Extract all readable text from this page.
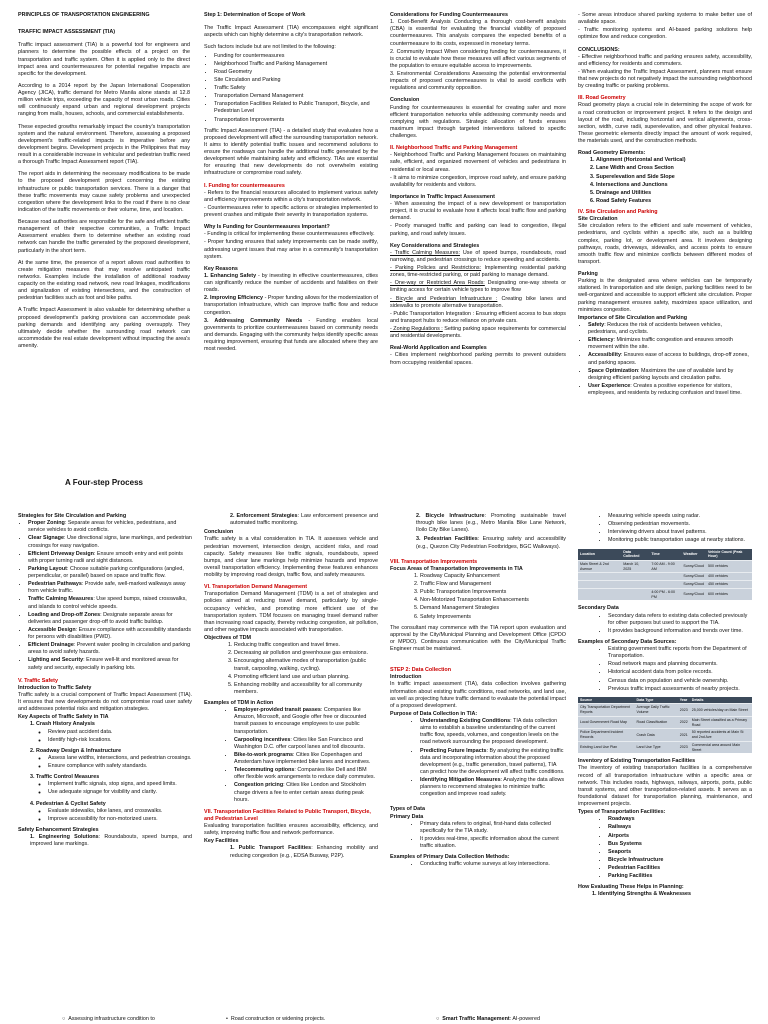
PRINCIPLES OF TRANSPORTATION ENGINEERING
TRAFFIC IMPACT ASSESSMENT (TIA)

Traffic impact assessment (TIA) is a powerful tool for engineers and planners to determine the possible effects of a project on the transportation and traffic system. Often it is applied only to the direct impact area and countermeasures for potential negative impacts are specific for the development.

According to a 2014 report by the Japan International Cooperation Agency (JICA), traffic demand for Metro Manila alone stands at 12.8 million vehicle trips, exceeding the capacity of most urban roads. Cities will continuously expand urban and regional development projects ranging from malls, houses, schools, and commercial establishments.

These expected growths remarkably impact the country's transportation system and the natural environment. Therefore, assessing a proposed development's traffic-related impacts is imperative before any development begins. Development projects in the Philippines that may result in a considerable increase in vehicular and pedestrian traffic need a thorough Traffic Impact Assessment report (TIA).

The report aids in determining the necessary modifications to be made to the proposed development project concerning the existing infrastructure or public transportation services. There is a danger that these traffic movements may cause safety problems and unexpected congestion where the development links to the road if there is no clear indication of the traffic movements or their volume, time, and location.

Because road authorities are responsible for the safe and efficient traffic management of their respective communities, a Traffic Impact Assessment enables them to determine whether an existing road network can handle the traffic generated by the proposed development, particularly in the short term.

At the same time, the presence of a report allows road authorities to create mitigation measures that may resolve anticipated traffic networks. Examples include the installation of additional roadway capacity on the existing road network, new road linkages, modifications and signalization of existing intersections, and the construction of pedestrian facilities such as foot and bike paths.

A Traffic Impact Assessment is also valuable for determining whether a proposed development's parking provisions can accommodate peak parking demands and identifying any parking oversupply. They ultimately decide whether the surrounding road network can accommodate the real estate development without impacting the area's amenity.

A Four-step Process
Step 1: Determination of Scope of Work

The Traffic Impact Assessment (TIA) encompasses eight significant aspects which can highly determine a city's transportation network.

Such factors include but are not limited to the following:

• Funding for countermeasures
• Neighborhood Traffic and Parking Management
• Road Geometry
• Site Circulation and Parking
• Traffic Safety
• Transportation Demand Management
• Transportation Facilities Related to Public Transport, Bicycle, and Pedestrian Level
• Transportation Improvements

Traffic Impact Assessment (TIA) - a detailed study that evaluates how a proposed development will affect the surrounding transportation network. It aims to identify potential traffic issues and recommend solutions to ensure the roadways can handle the additional traffic generated by the development while maintaining safety and efficiency. TIAs are essential for ensuring that new developments do not overwhelm existing infrastructure or compromise road safety.

I. Funding for countermeasures

- Refers to the financial resources allocated to implement various safety and efficiency improvements within a city's transportation network.

- Countermeasures refer to specific actions or strategies implemented to prevent crashes and mitigate their severity in transportation systems.

Why Is Funding for Countermeasures Important?

- Funding is critical for implementing these countermeasures effectively.

- Proper funding ensures that safety improvements can be made swiftly, addressing urgent issues that may arise in a community's transportation system.

Key Reasons

1. Enhancing Safety - by investing in effective countermeasures, cities can significantly reduce the number of accidents and fatalities on their roads.

2. Improving Efficiency - Proper funding allows for the modernization of transportation infrastructure, which can improve traffic flow and reduce congestion.

3. Addressing Community Needs - Funding enables local governments to prioritize countermeasures based on community needs and demands. Engaging with the community helps identify specific areas requiring improvement, ensuring that funds are allocated where they are most needed.

Considerations for Funding Countermeasures

1. Cost-Benefit Analysis Conducting a thorough cost-benefit analysis (CBA) is essential for evaluating the financial viability of proposed countermeasures. This analysis compares the expected benefits of a countermeasure to its costs, expressed in monetary terms.

2. Community Impact When considering funding for countermeasures, it is crucial to evaluate how these measures will affect various segments of the population to ensure equitable access to improvements.

3. Environmental Considerations Assessing the potential environmental impacts of proposed countermeasures is vital to avoid conflicts with regulations and community opposition.

Conclusion

Funding for countermeasures is essential for creating safer and more efficient transportation networks while addressing community needs and complying with regulations. Strategic allocation of funds ensures maximum impact through targeted interventions tailored to specific challenges.

II. Neighborhood Traffic and Parking Management

- Neighborhood Traffic and Parking Management focuses on maintaining safe, efficient, and organized movement of vehicles and pedestrians in residential or local areas.

- It aims to minimize congestion, improve road safety, and ensure parking availability for residents and visitors.

Importance in Traffic Impact Assessment

- When assessing the impact of a new development or transportation project, it is crucial to evaluate how it affects local traffic flow and parking demand.

- Poorly managed traffic and parking can lead to congestion, illegal parking, and road safety issues.

Key Considerations and Strategies

- Traffic Calming Measures: Use of speed bumps, roundabouts, road narrowing, and pedestrian crossings to reduce speeding and accidents.

- Parking Policies and Restrictions: Implementing residential parking zones, time-restricted parking, or paid parking to manage demand.

- One-way or Restricted Area Roads: Designating one-way streets or limiting access for certain vehicle types to improve flow

- Bicycle and Pedestrian Infrastructure : Creating bike lanes and sidewalks to promote alternative transportation.

- Public Transportation Integration : Ensuring efficient access to bus stops and transport hubs to reduce reliance on private cars.

- Zoning Regulations : Setting parking space requirements for commercial and residential developments.

Real-World Application and Examples

- Cities implement neighborhood parking permits to prevent outsiders from occupying residential spaces.

- Some areas introduce shared parking systems to make better use of available space.

- Traffic monitoring systems and AI-based parking solutions help optimize flow and reduce congestion.

CONCLUSIONS:

- Effective neighborhood traffic and parking ensures safety, accessibility, and efficiency for residents and commuters.

- When evaluating the Traffic Impact Assessment, planners must ensure that new projects do not negatively impact the surrounding neighborhood by creating traffic or parking problems.

III. Road Geometry

Road geometry plays a crucial role in determining the scope of work for a road construction or improvement project. It refers to the design and layout of the road, including horizontal and vertical alignments, cross-section, width, curve radii, superelevation, and other physical features. These geometric elements directly impact the amount of work required, the materials used, and the construction methods.

Road Geometry Elements:
1. Alignment (Horizontal and Vertical)
2. Lane Width and Cross Section
3. Superelevation and Side Slope
4. Intersections and Junctions
5. Drainage and Utilities
6. Road Safety Features
IV. Site Circulation and Parking
Site Circulation

Site circulation refers to the efficient and safe movement of vehicles, pedestrians, and cyclists within a specific site, such as a building complex, parking lot, or development area. It involves designing pathways, roads, driveways, sidewalks, and access points to ensure smooth traffic flow and minimize conflicts between different modes of transport.

Parking

Parking is the designated area where vehicles can be temporarily stationed. In transportation and site design, parking facilities need to be well-organized and accessible to support efficient site circulation. Proper parking management ensures safety, maximizes space utilization, and minimizes congestion.

Importance of Site Circulation and Parking
• Safety: Reduces the risk of accidents between vehicles, pedestrians, and cyclists.
• Efficiency: Minimizes traffic congestion and ensures smooth movement within the site.
• Accessibility: Ensures ease of access to buildings, drop-off zones, and parking spaces.
• Space Optimization: Maximizes the use of available land by designing efficient parking layouts and circulation paths.
• User Experience: Creates a positive experience for visitors, employees, and residents by reducing confusion and travel time.
Strategies for Site Circulation and Parking
• Proper Zoning: Separate areas for vehicles, pedestrians, and service vehicles to avoid conflicts.
• Clear Signage: Use directional signs, lane markings, and pedestrian crossings for easy navigation.
• Efficient Driveway Design: Ensure smooth entry and exit points with proper turning radii and sight distances.
• Parking Layout: Choose suitable parking configurations (angled, perpendicular, or parallel) based on space and traffic flow.
• Pedestrian Pathways: Provide safe, well-marked walkways away from vehicle traffic.
• Traffic Calming Measures: Use speed bumps, raised crosswalks, and islands to control vehicle speeds.
• Loading and Drop-off Zones: Designate separate areas for deliveries and passenger drop-off to avoid traffic buildup.
• Accessible Design: Ensure compliance with accessibility standards for persons with disabilities (PWD).
• Efficient Drainage: Prevent water pooling in circulation and parking areas to avoid safety hazards.
• Lighting and Security: Ensure well-lit and monitored areas for safety and security, especially in parking lots.
V. Traffic Safety
Introduction to Traffic Safety

Traffic safety is a crucial component of Traffic Impact Assessment (TIA). It ensures that new developments do not compromise road user safety and addresses potential risks and mitigation strategies.

Key Aspects of Traffic Safety in TIA
1. Crash History Analysis
◦ Review past accident data.
◦ Identify high-risk locations.
2. Roadway Design & Infrastructure
◦ Assess lane widths, intersections, and pedestrian crossings.
◦ Ensure compliance with safety standards.
3. Traffic Control Measures
◦ Implement traffic signals, stop signs, and speed limits.
◦ Use adequate signage for visibility and clarity.
4. Pedestrian & Cyclist Safety
◦ Evaluate sidewalks, bike lanes, and crosswalks.
◦ Improve accessibility for non-motorized users.
Safety Enhancement Strategies

1. Engineering Solutions: Roundabouts, speed bumps, and improved lane markings.

○  Assessing infrastructure condition to

2. Enforcement Strategies: Law enforcement presence and automated traffic monitoring.

Conclusion

Traffic safety is a vital consideration in TIA. It assesses vehicle and pedestrian movement, intersection design, accident risks, and road capacity. Safety measures like traffic signals, roundabouts, speed bumps, and clear lane markings help minimize hazards and improve overall transportation efficiency. Implementing these features enhances mobility by improving road design, traffic flow, and safety measures.

VI. Transportation Demand Management

Transportation Demand Management (TDM) is a set of strategies and policies aimed at reducing travel demand, particularly by single-occupancy vehicles, and promoting more efficient use of the transportation system. TDM focuses on managing travel demand rather than increasing road capacity, thereby reducing congestion, air pollution, and other negative impacts associated with transportation.

Objectives of TDM
1. Reducing traffic congestion and travel times.
2. Decreasing air pollution and greenhouse gas emissions.
3. Encouraging alternative modes of transportation (public transit, carpooling, walking, cycling).
4. Promoting efficient land use and urban planning.
5. Enhancing mobility and accessibility for all community members.
Examples of TDM in Action
• Employer-provided transit passes: Companies like Amazon, Microsoft, and Google offer free or discounted transit passes to encourage employees to use public transportation.
• Carpooling incentives: Cities like San Francisco and Washington D.C. offer carpool lanes and toll discounts.
• Bike-to-work programs: Cities like Copenhagen and Amsterdam have implemented bike lanes and incentives.
• Telecommuting options: Companies like Dell and IBM offer flexible work arrangements to reduce daily commutes.
• Congestion pricing: Cities like London and Stockholm charge drivers a fee to enter certain areas during peak hours.
VII. Transportation Facilities Related to Public Transport, Bicycle, and Pedestrian Level

Evaluating transportation facilities ensures accessibility, efficiency, and safety, improving traffic flow and network performance.

Key Facilities

1. Public Transport Facilities: Enhancing mobility and reducing congestion (e.g., EDSA Busway, P2P).

•  Road construction or widening projects.

2. Bicycle Infrastructure: Promoting sustainable travel through bike lanes (e.g., Metro Manila Bike Lane Network, Iloilo City Bike Lanes).

3. Pedestrian Facilities: Ensuring safety and accessibility (e.g., Quezon City Pedestrian Footbridges, BGC Walkways).

VIII. Transportation Improvements
Focus Areas of Transportation Improvements in TIA
1. Roadway Capacity Enhancement
2. Traffic Flow and Management
3. Public Transportation Improvements
4. Non-Motorized Transportation Enhancements
5. Demand Management Strategies
6. Safety Improvements

The consultant may commence with the TIA report upon evaluation and approval by the City/Municipal Planning and Development Office (CPDO or MPDO). Continuous communication with the City/Municipal Traffic Engineer must be maintained.

STEP 2: Data Collection
Introduction

In traffic impact assessment (TIA), data collection involves gathering information about existing traffic conditions, road networks, and land use, as well as projecting future traffic demand to evaluate the potential impact of a proposed development.

Purpose of Data Collection in TIA:
• Understanding Existing Conditions: TIA data collection aims to establish a baseline understanding of the current traffic flow, speeds, volumes, and congestion levels on the road network surrounding the proposed development.
• Predicting Future Impacts: By analyzing the existing traffic data and incorporating information about the proposed development (e.g., traffic generation, travel patterns), TIA can predict how the development will affect traffic conditions.
• Identifying Mitigation Measures: Analyzing the data allows planners to recommend strategies to minimize traffic congestion and improve road safety.
Types of Data
Primary Data
• Primary data refers to original, first-hand data collected specifically for the TIA study.
• It provides real-time, specific information about the current traffic situation.
Examples of Primary Data Collection Methods:
• Conducting traffic volume surveys at key intersections.
○  Smart Traffic Management: AI-powered
• Measuring vehicle speeds using radar.
• Observing pedestrian movements.
• Interviewing drivers about travel patterns.
• Monitoring public transportation usage at nearby stations.
Location	Data Collected	Time	Weather	Vehicle Count (Peak Hour)
Main Street & 2nd Avenue	March 10, 2025	7:00 AM - 9:00 AM	Sunny/Cloud	500 vehicles
			Sunny/Cloud	400 vehicles
			Sunny/Cloud	450 vehicles
		4:00 PM - 6:00 PM	Sunny/Cloud	600 vehicles
Secondary Data
• Secondary data refers to existing data collected previously for other purposes but used to support the TIA.
• It provides background information and trends over time.
Examples of Secondary Data Sources:
• Existing government traffic reports from the Department of Transportation.
• Road network maps and planning documents.
• Historical accident data from police records.
• Census data on population and vehicle ownership.
• Previous traffic impact assessments of nearby projects.
Source	Data Type	Year	Details
City Transportation Department Reports	Average Daily Traffic Volume	2023	25,000 vehicles/day on Main Street
Local Government Road Map	Road Classification	2022	Main Street classified as a Primary Road
Police Department Incident Records	Crash Data	2021	50 reported accidents at Main St and 2nd Ave
Existing Land Use Plan	Land Use Type	2023	Commercial area around Main Street
Inventory of Existing Transportation Facilities

The inventory of existing transportation facilities is a comprehensive record of all transportation infrastructure within a specific area or network. This includes roads, highways, railways, airports, ports, public transit systems, and other transportation-related assets. It serves as a foundational dataset for transportation planning, maintenance, and improvement projects.

Types of Transportation Facilities:
• Roadways
• Railways
• Airports
• Bus Systems
• Seaports
• Bicycle Infrastructure
• Pedestrian Facilities
• Parking Facilities
How Evaluating These Helps in Planning:
1. Identifying Strengths & Weaknesses
